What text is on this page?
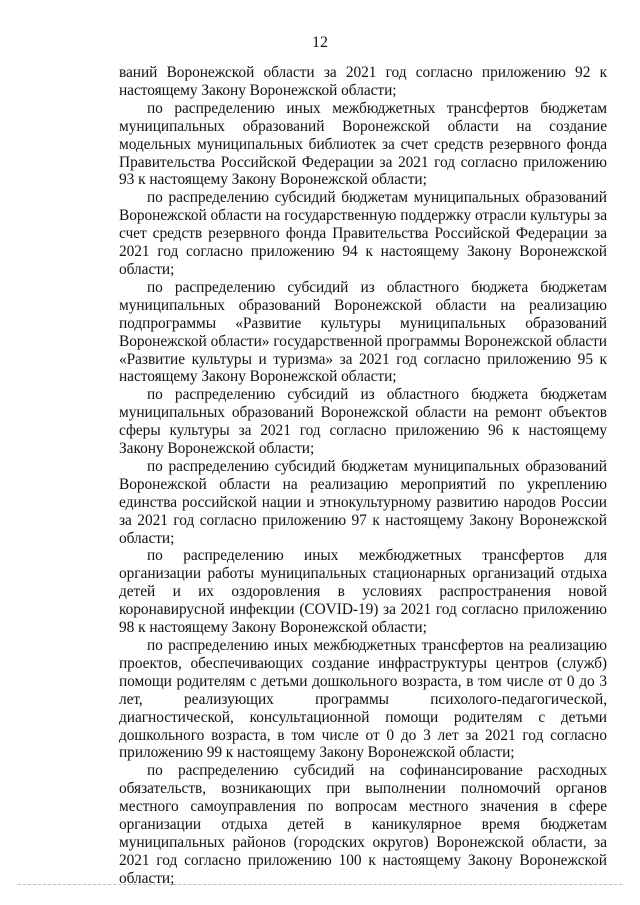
12

ваний Воронежской области за 2021 год согласно приложению 92 к настоящему Закону Воронежской области;

по распределению иных межбюджетных трансфертов бюджетам муниципальных образований Воронежской области на создание модельных муниципальных библиотек за счет средств резервного фонда Правительства Российской Федерации за 2021 год согласно приложению 93 к настоящему Закону Воронежской области;

по распределению субсидий бюджетам муниципальных образований Воронежской области на государственную поддержку отрасли культуры за счет средств резервного фонда Правительства Российской Федерации за 2021 год согласно приложению 94 к настоящему Закону Воронежской области;

по распределению субсидий из областного бюджета бюджетам муниципальных образований Воронежской области на реализацию подпрограммы «Развитие культуры муниципальных образований Воронежской области» государственной программы Воронежской области «Развитие культуры и туризма» за 2021 год согласно приложению 95 к настоящему Закону Воронежской области;

по распределению субсидий из областного бюджета бюджетам муниципальных образований Воронежской области на ремонт объектов сферы культуры за 2021 год согласно приложению 96 к настоящему Закону Воронежской области;

по распределению субсидий бюджетам муниципальных образований Воронежской области на реализацию мероприятий по укреплению единства российской нации и этнокультурному развитию народов России за 2021 год согласно приложению 97 к настоящему Закону Воронежской области;

по распределению иных межбюджетных трансфертов для организации работы муниципальных стационарных организаций отдыха детей и их оздоровления в условиях распространения новой коронавирусной инфекции (COVID-19) за 2021 год согласно приложению 98 к настоящему Закону Воронежской области;

по распределению иных межбюджетных трансфертов на реализацию проектов, обеспечивающих создание инфраструктуры центров (служб) помощи родителям с детьми дошкольного возраста, в том числе от 0 до 3 лет, реализующих программы психолого-педагогической, диагностической, консультационной помощи родителям с детьми дошкольного возраста, в том числе от 0 до 3 лет за 2021 год согласно приложению 99 к настоящему Закону Воронежской области;

по распределению субсидий на софинансирование расходных обязательств, возникающих при выполнении полномочий органов местного самоуправления по вопросам местного значения в сфере организации отдыха детей в каникулярное время бюджетам муниципальных районов (городских округов) Воронежской области, за 2021 год согласно приложению 100 к настоящему Закону Воронежской области;
